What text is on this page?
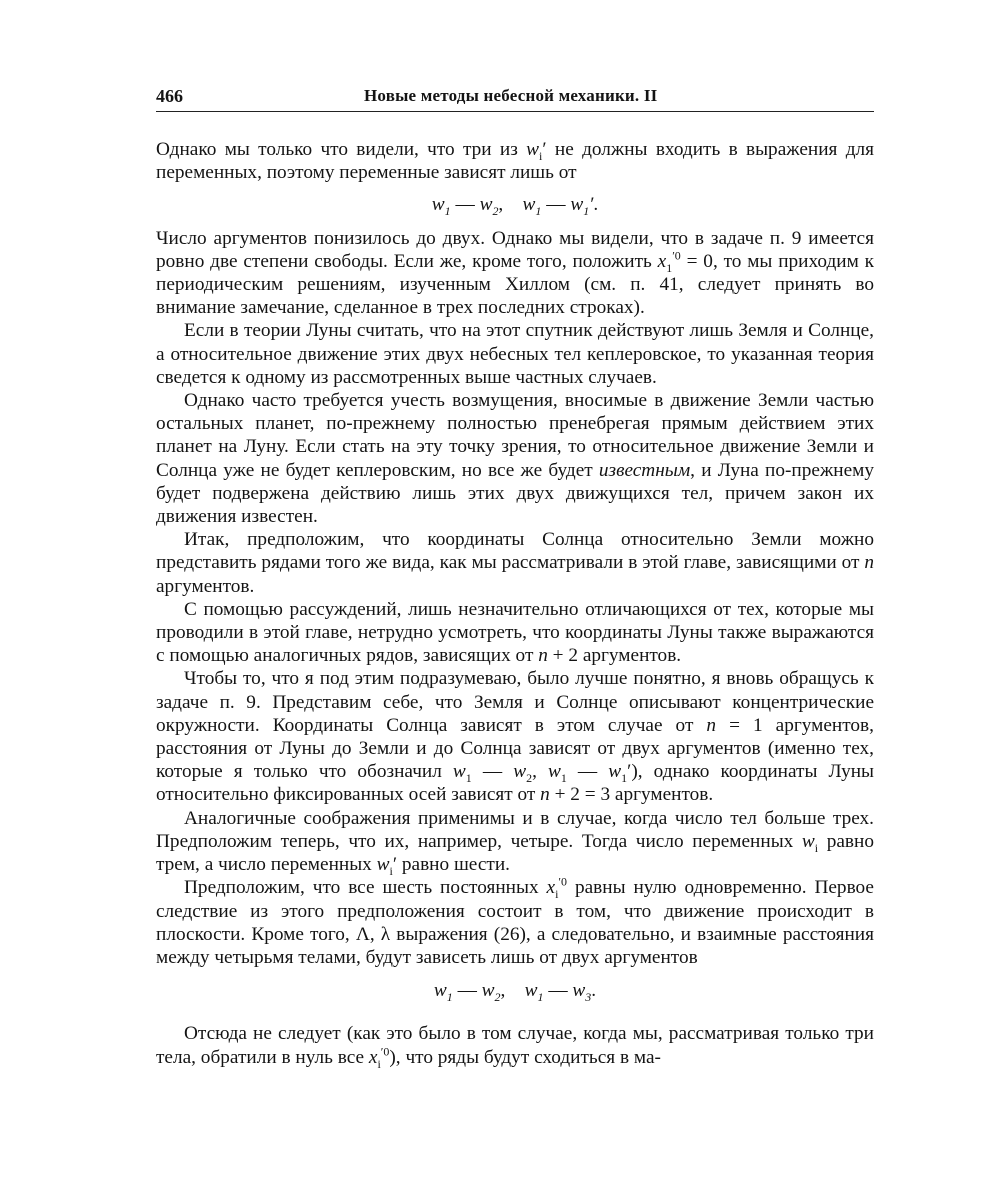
466	Новые методы небесной механики. II

Однако мы только что видели, что три из $w_i'$ не должны входить в выражения для переменных, поэтому переменные зависят лишь от

$w_1$ — $w_2$,    $w_1$ — $w_1'$.

Число аргументов понизилось до двух. Однако мы видели, что в задаче п. 9 имеется ровно две степени свободы. Если же, кроме того, положить $x_1^{'0} = 0$, то мы приходим к периодическим решениям, изученным Хиллом (см. п. 41, следует принять во внимание замечание, сделанное в трех последних строках).

Если в теории Луны считать, что на этот спутник действуют лишь Земля и Солнце, а относительное движение этих двух небесных тел кеплеровское, то указанная теория сведется к одному из рассмотренных выше частных случаев.

Однако часто требуется учесть возмущения, вносимые в движение Земли частью остальных планет, по-прежнему полностью пренебрегая прямым действием этих планет на Луну. Если стать на эту точку зрения, то относительное движение Земли и Солнца уже не будет кеплеровским, но все же будет известным, и Луна по-прежнему будет подвержена действию лишь этих двух движущихся тел, причем закон их движения известен.

Итак, предположим, что координаты Солнца относительно Земли можно представить рядами того же вида, как мы рассматривали в этой главе, зависящими от n аргументов.

С помощью рассуждений, лишь незначительно отличающихся от тех, которые мы проводили в этой главе, нетрудно усмотреть, что координаты Луны также выражаются с помощью аналогичных рядов, зависящих от n + 2 аргументов.

Чтобы то, что я под этим подразумеваю, было лучше понятно, я вновь обращусь к задаче п. 9. Представим себе, что Земля и Солнце описывают концентрические окружности. Координаты Солнца зависят в этом случае от n = 1 аргументов, расстояния от Луны до Земли и до Солнца зависят от двух аргументов (именно тех, которые я только что обозначил $w_1$ — $w_2$, $w_1$ — $w_1'$), однако координаты Луны относительно фиксированных осей зависят от n + 2 = 3 аргументов.

Аналогичные соображения применимы и в случае, когда число тел больше трех. Предположим теперь, что их, например, четыре. Тогда число переменных $w_i$ равно трем, а число переменных $w_i'$ равно шести.

Предположим, что все шесть постоянных $x_i^{'0}$ равны нулю одновременно. Первое следствие из этого предположения состоит в том, что движение происходит в плоскости. Кроме того, Λ, λ выражения (26), а следовательно, и взаимные расстояния между четырьмя телами, будут зависеть лишь от двух аргументов

$w_1$ — $w_2$,    $w_1$ — $w_3$.

Отсюда не следует (как это было в том случае, когда мы, рассматривая только три тела, обратили в нуль все $x_i^{'0}$), что ряды будут сходиться в ма-
